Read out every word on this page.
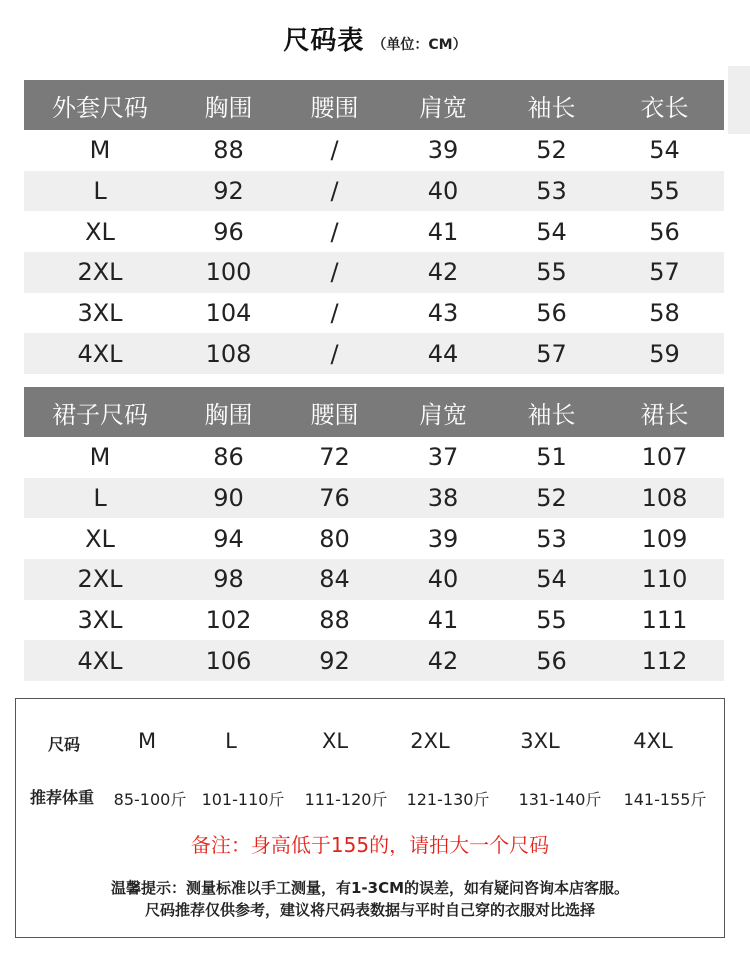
尺码表 （单位：CM）
外套尺码	胸围	腰围	肩宽	袖长	衣长
M	88	/	39	52	54
L	92	/	40	53	55
XL	96	/	41	54	56
2XL	100	/	42	55	57
3XL	104	/	43	56	58
4XL	108	/	44	57	59
裙子尺码	胸围	腰围	肩宽	袖长	裙长
M	86	72	37	51	107
L	90	76	38	52	108
XL	94	80	39	53	109
2XL	98	84	40	54	110
3XL	102	88	41	55	111
4XL	106	92	42	56	112
尺码	M	L	XL	2XL	3XL	4XL
推荐体重 85-100斤 101-110斤 111-120斤 121-130斤 131-140斤 141-155斤
备注：身高低于155的，请拍大一个尺码
温馨提示：测量标准以手工测量，有1-3CM的误差，如有疑问咨询本店客服。
尺码推荐仅供参考，建议将尺码表数据与平时自己穿的衣服对比选择
